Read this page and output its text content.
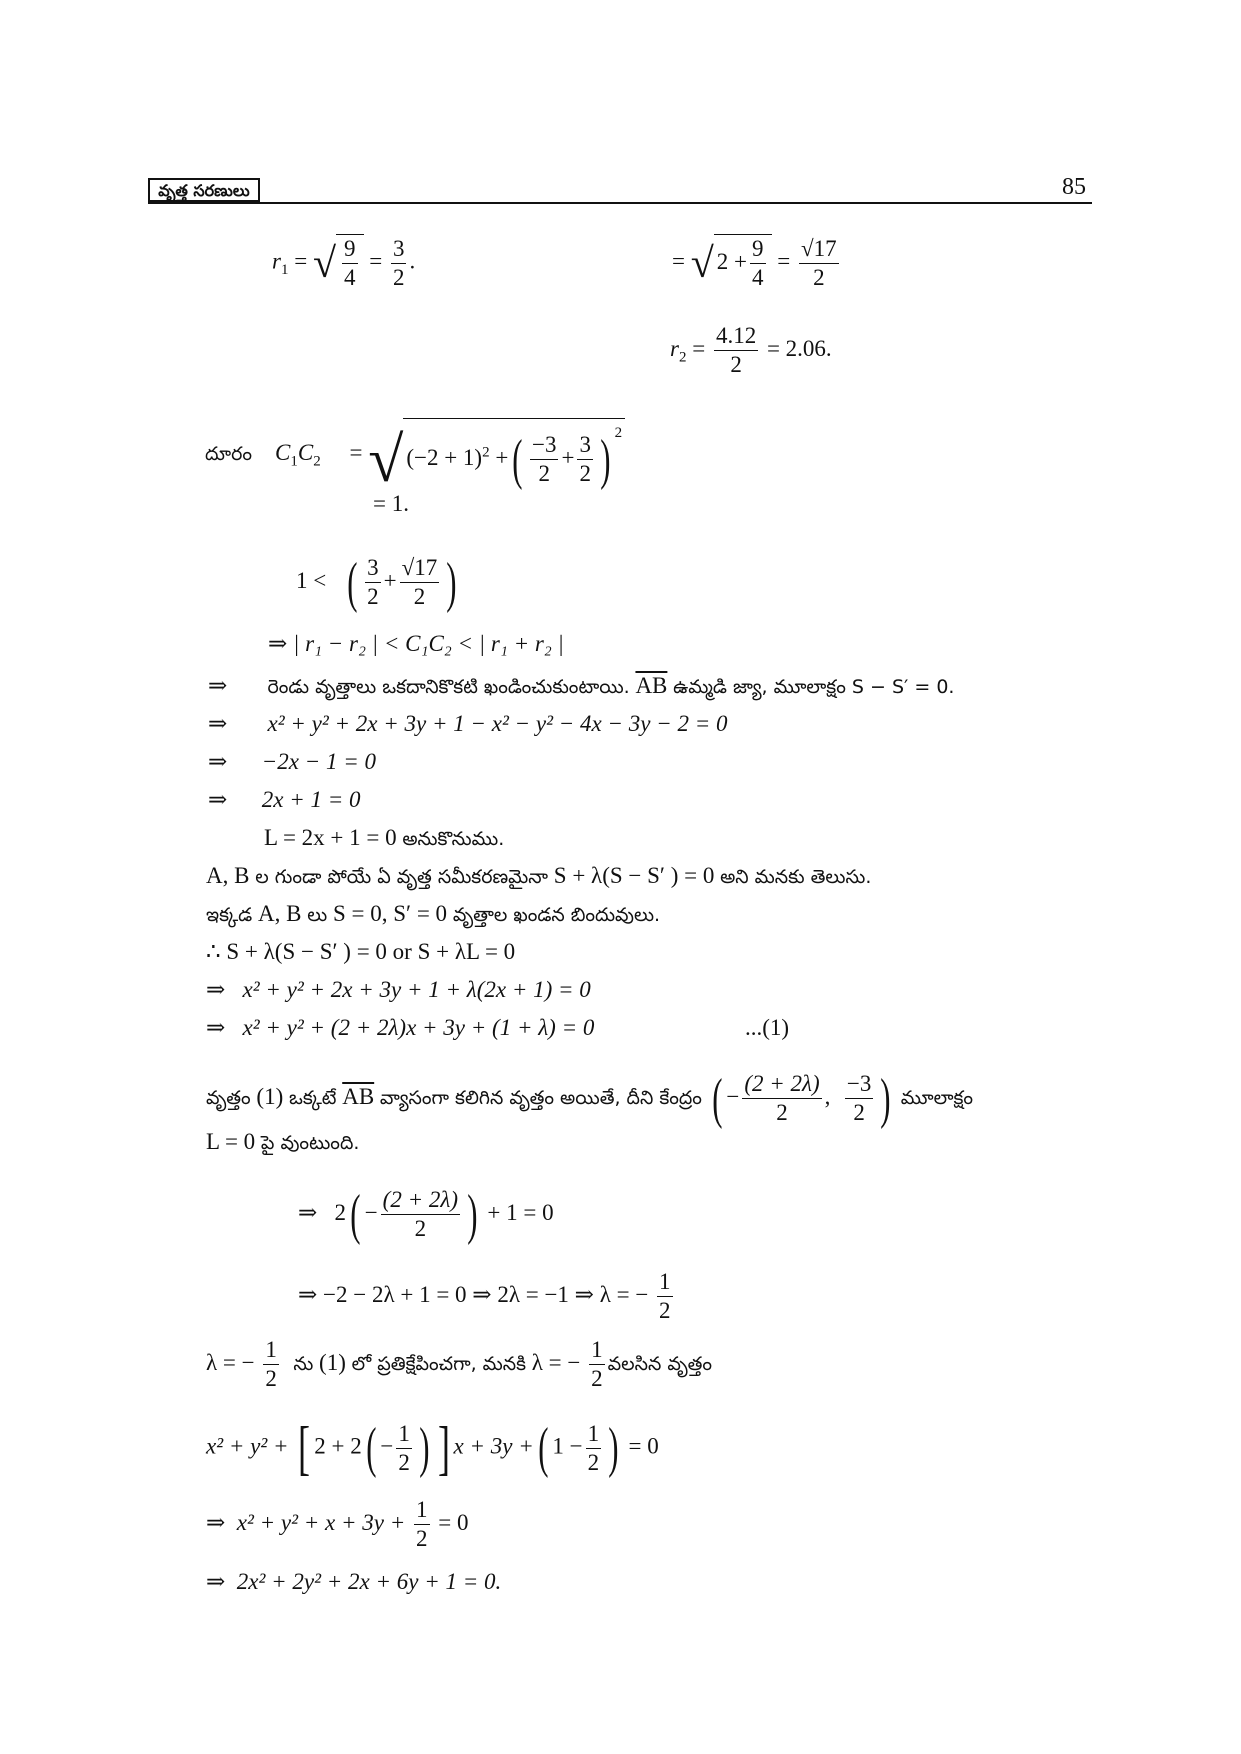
వృత్త సరణులు	85
$r_1$ = √ $\frac{9}{4} = \frac{3}{2}$ .	= √ $2 + \frac{9}{4} = \frac{√17}{2}$
$r_2 = \frac{4.12}{2} = 2.06$.
దూరం $C_1C_2$ = √ $(-2 + 1)^2$ +( $\frac{-3}{2} + \frac{3}{2}$ ) $^2$
= 1.
1 < ( $\frac{3}{2} + \frac{√17}{2}$ )
⇒ | r₁ − r₂ | < C₁C₂ < | r₁ + r₂ |
⇒ రెండు వృత్తాలు ఒకదానికొకటి ఖండించుకుంటాయి. $\overline{AB}$ ఉమ్మడి జ్యా, మూలాక్షం S − S′ = 0.
⇒ x² + y² + 2x + 3y + 1 − x² − y² − 4x − 3y − 2 = 0
⇒ −2x − 1 = 0
⇒ 2x + 1 = 0
L = 2x + 1 = 0 అనుకొనుము.
A, B ల గుండా పోయే ఏ వృత్త సమీకరణమైనా S + λ(S − S′ ) = 0 అని మనకు తెలుసు.
ఇక్కడ A, B లు S = 0, S′ = 0 వృత్తాల ఖండన బిందువులు.
∴ S + λ(S − S′ ) = 0 or S + λL = 0
⇒ x² + y² + 2x + 3y + 1 + λ(2x + 1) = 0
⇒ x² + y² + (2 + 2λ)x + 3y + (1 + λ) = 0	...(1)
వృత్తం (1) ఒక్కటే $\overline{AB}$ వ్యాసంగా కలిగిన వృత్తం అయితే, దీని కేంద్రం ( − $\frac{(2 + 2\lambda)}{2}$ , $\frac{-3}{2}$ ) మూలాక్షం
L = 0 పై వుంటుంది.
⇒ $2( - \frac{(2 + 2\lambda)}{2}$ ) + 1 = 0
⇒ −2 − 2λ + 1 = 0 ⇒ 2λ = −1 ⇒ λ = − $\frac{1}{2}$
λ = − $\frac{1}{2}$ ను (1) లో ప్రతిక్షేపించగా, మనకి λ = − $\frac{1}{2}$ వలసిన వృత్తం
x² + y² + [ $2 + 2( - \frac{1}{2}$ ) ] x + 3y +( $1 - \frac{1}{2}$ ) = 0
⇒ $x^2 + y^2 + x + 3y + \frac{1}{2} = 0$
⇒ 2x² + 2y² + 2x + 6y + 1 = 0.
